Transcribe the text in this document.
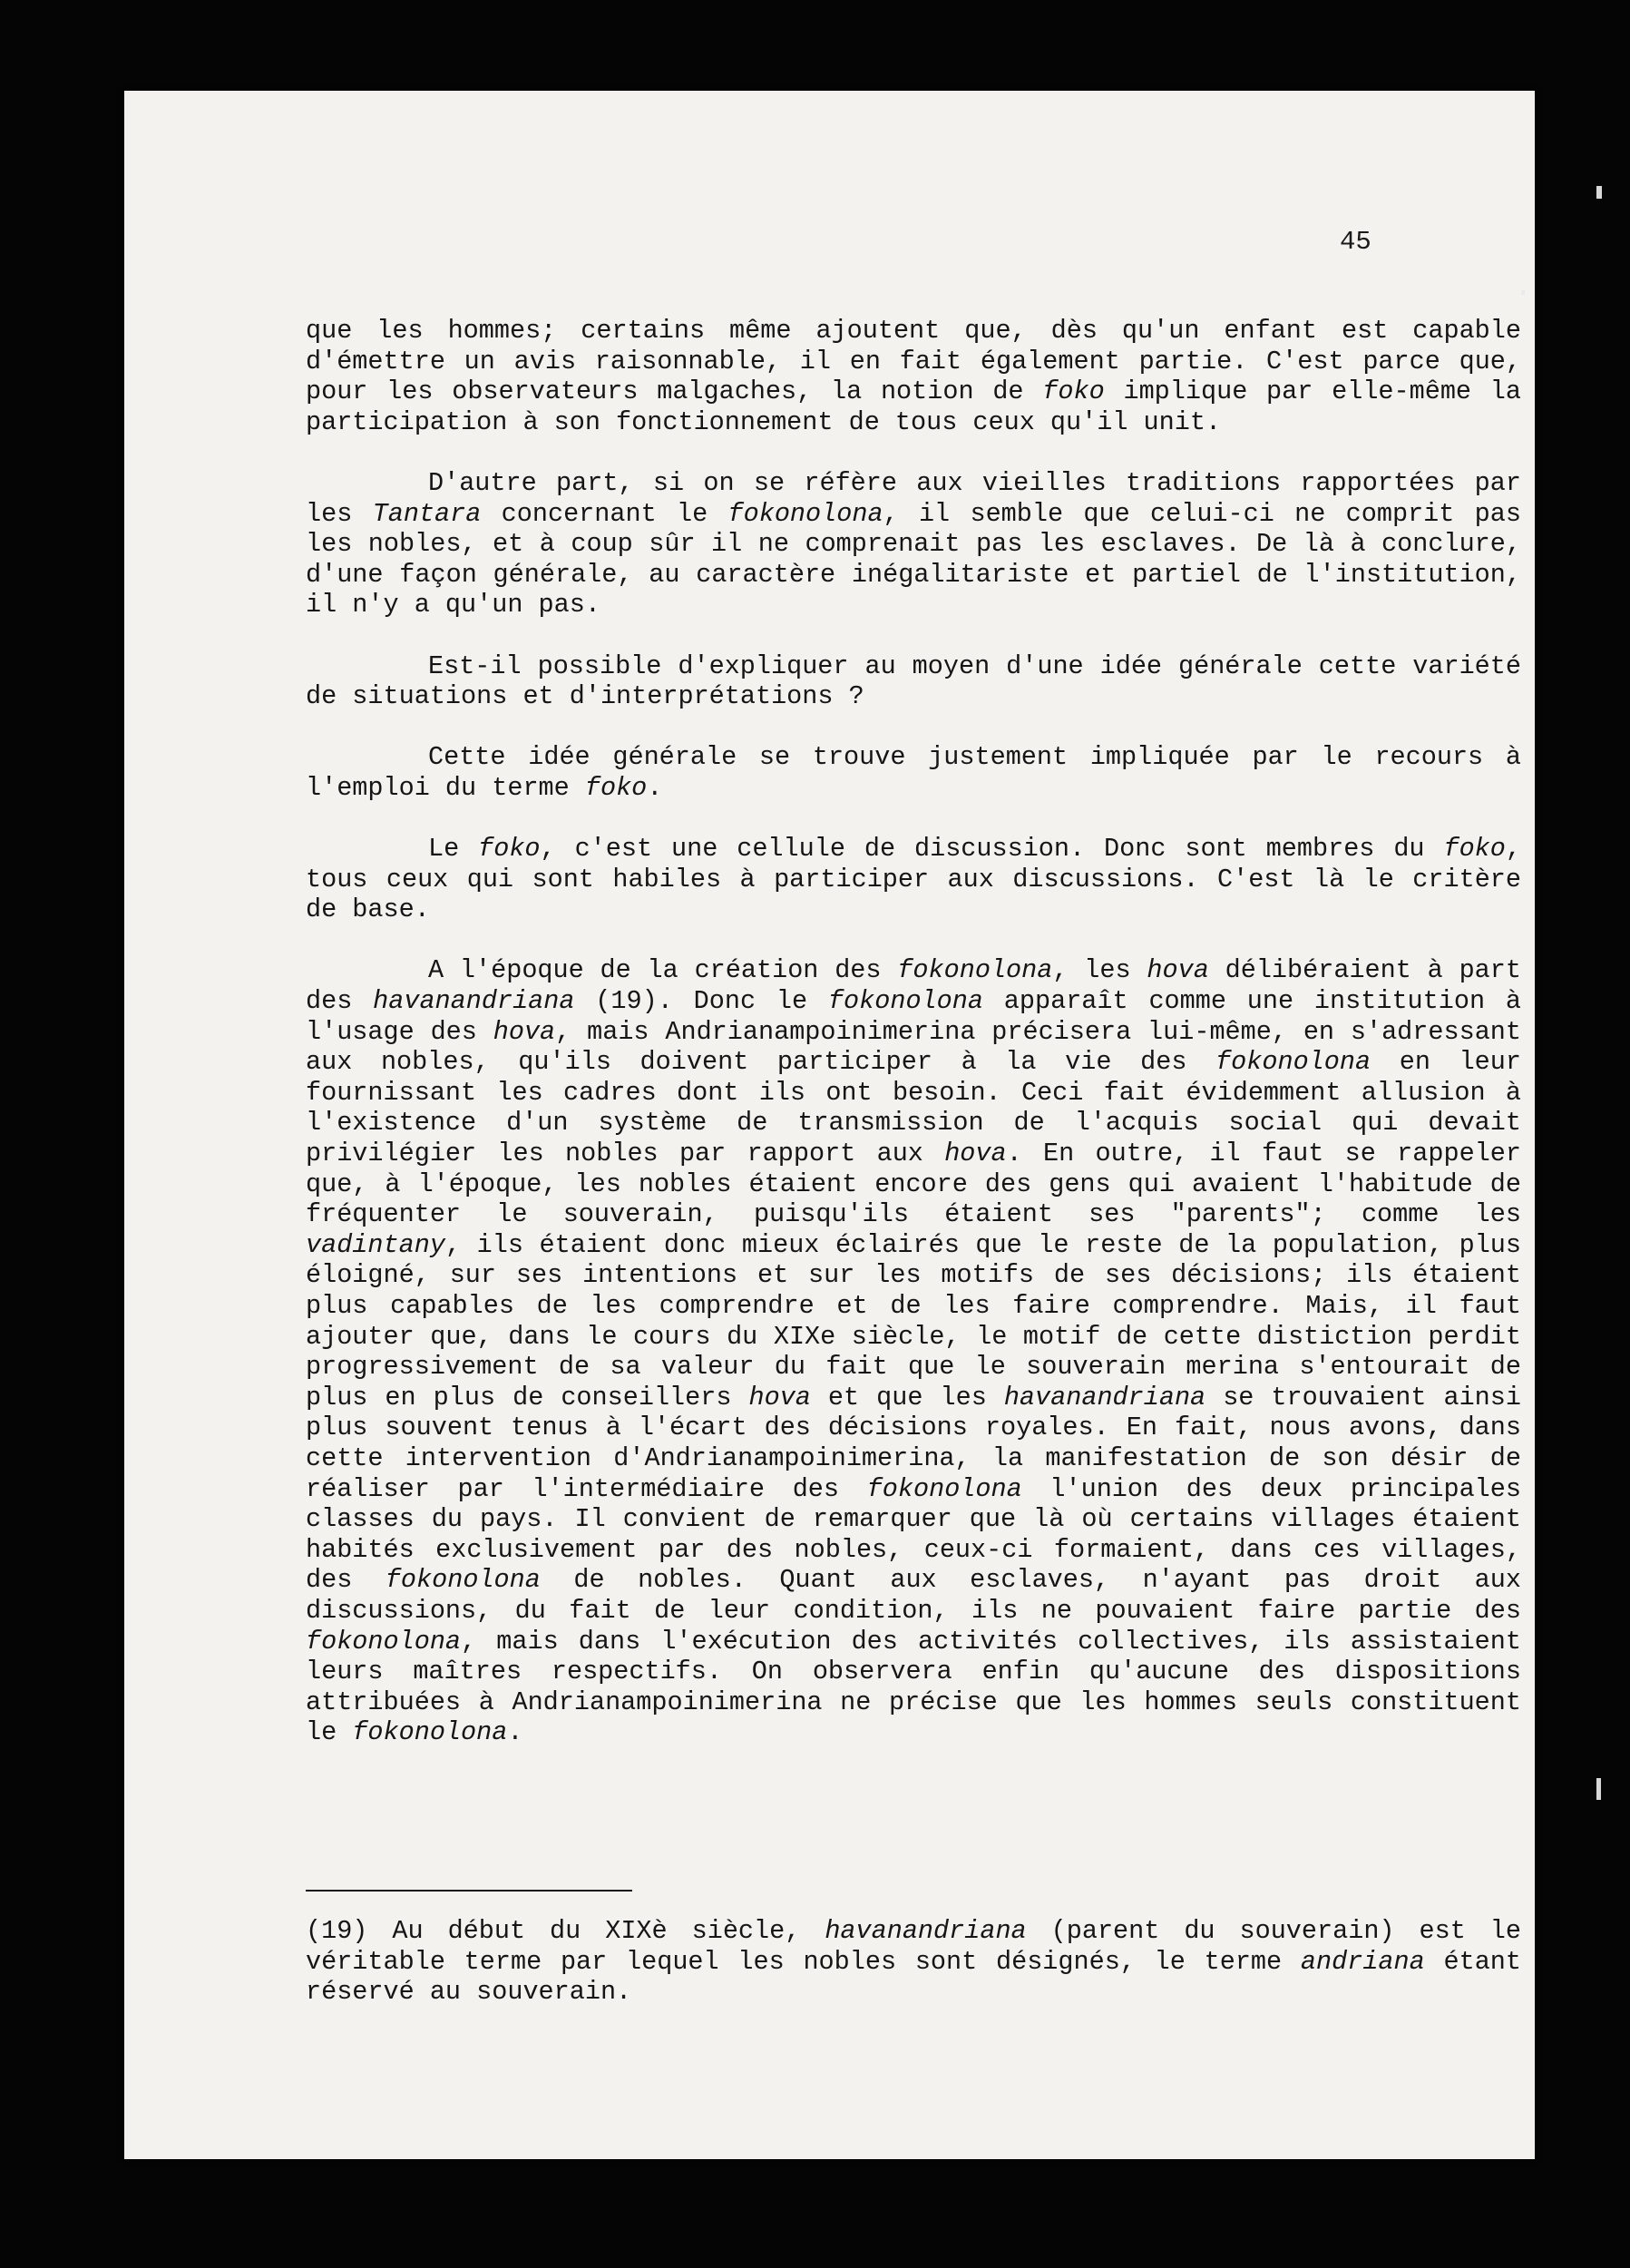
45

que les hommes; certains même ajoutent que, dès qu'un enfant est capable d'émettre un avis raisonnable, il en fait également partie. C'est parce que, pour les observateurs malgaches, la notion de foko implique par elle-même la participation à son fonctionnement de tous ceux qu'il unit.

D'autre part, si on se réfère aux vieilles traditions rapportées par les Tantara concernant le fokonolona, il semble que celui-ci ne comprit pas les nobles, et à coup sûr il ne comprenait pas les esclaves. De là à conclure, d'une façon générale, au caractère inégalitariste et partiel de l'institution, il n'y a qu'un pas.

Est-il possible d'expliquer au moyen d'une idée générale cette variété de situations et d'interprétations ?

Cette idée générale se trouve justement impliquée par le recours à l'emploi du terme foko.

Le foko, c'est une cellule de discussion. Donc sont membres du foko, tous ceux qui sont habiles à participer aux discussions. C'est là le critère de base.

A l'époque de la création des fokonolona, les hova délibéraient à part des havanandriana (19). Donc le fokonolona apparaît comme une institution à l'usage des hova, mais Andrianampoinimerina précisera lui-même, en s'adressant aux nobles, qu'ils doivent participer à la vie des fokonolona en leur fournissant les cadres dont ils ont besoin. Ceci fait évidemment allusion à l'existence d'un système de transmission de l'acquis social qui devait privilégier les nobles par rapport aux hova. En outre, il faut se rappeler que, à l'époque, les nobles étaient encore des gens qui avaient l'habitude de fréquenter le souverain, puisqu'ils étaient ses "parents"; comme les vadintany, ils étaient donc mieux éclairés que le reste de la population, plus éloigné, sur ses intentions et sur les motifs de ses décisions; ils étaient plus capables de les comprendre et de les faire comprendre. Mais, il faut ajouter que, dans le cours du XIXe siècle, le motif de cette distiction perdit progressivement de sa valeur du fait que le souverain merina s'entourait de plus en plus de conseillers hova et que les havanandriana se trouvaient ainsi plus souvent tenus à l'écart des décisions royales. En fait, nous avons, dans cette intervention d'Andrianampoinimerina, la manifestation de son désir de réaliser par l'intermédiaire des fokonolona l'union des deux principales classes du pays. Il convient de remarquer que là où certains villages étaient habités exclusivement par des nobles, ceux-ci formaient, dans ces villages, des fokonolona de nobles. Quant aux esclaves, n'ayant pas droit aux discussions, du fait de leur condition, ils ne pouvaient faire partie des fokonolona, mais dans l'exécution des activités collectives, ils assistaient leurs maîtres respectifs. On observera enfin qu'aucune des dispositions attribuées à Andrianampoinimerina ne précise que les hommes seuls constituent le fokonolona.

(19) Au début du XIXè siècle, havanandriana (parent du souverain) est le véritable terme par lequel les nobles sont désignés, le terme andriana étant réservé au souverain.
